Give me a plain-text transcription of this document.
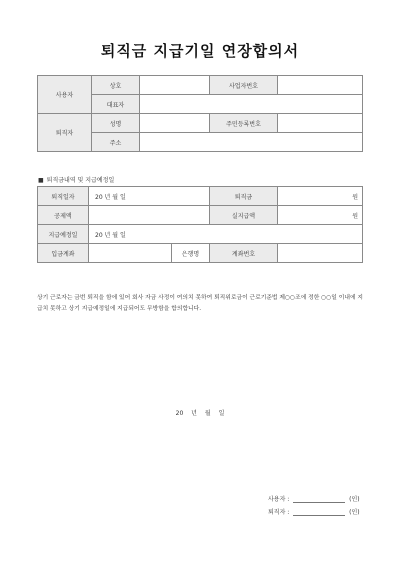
퇴직금 지급기일 연장합의서
사용자	상호		사업자번호	
	대표자			
퇴직자	성명		주민등록번호	
	주소			
■ 퇴직금내역 및 지급예정일
퇴직일자	20 년 월 일		퇴직금	원
공제액			실지급액	원
지급예정일	20 년 월 일			
입금계좌		은행명	계좌번호	
상기 근로자는 금번 퇴직을 함에 있어 회사 자금 사정이 여의치 못하여 퇴직위로금이 근로기준법 제○○조에 정한 ○○일 이내에 지급치 못하고 상기 지급예정일에 지급되어도 무방함을 합의합니다.
20 년 월 일
사용자 :	(인)
퇴직자 :	(인)
